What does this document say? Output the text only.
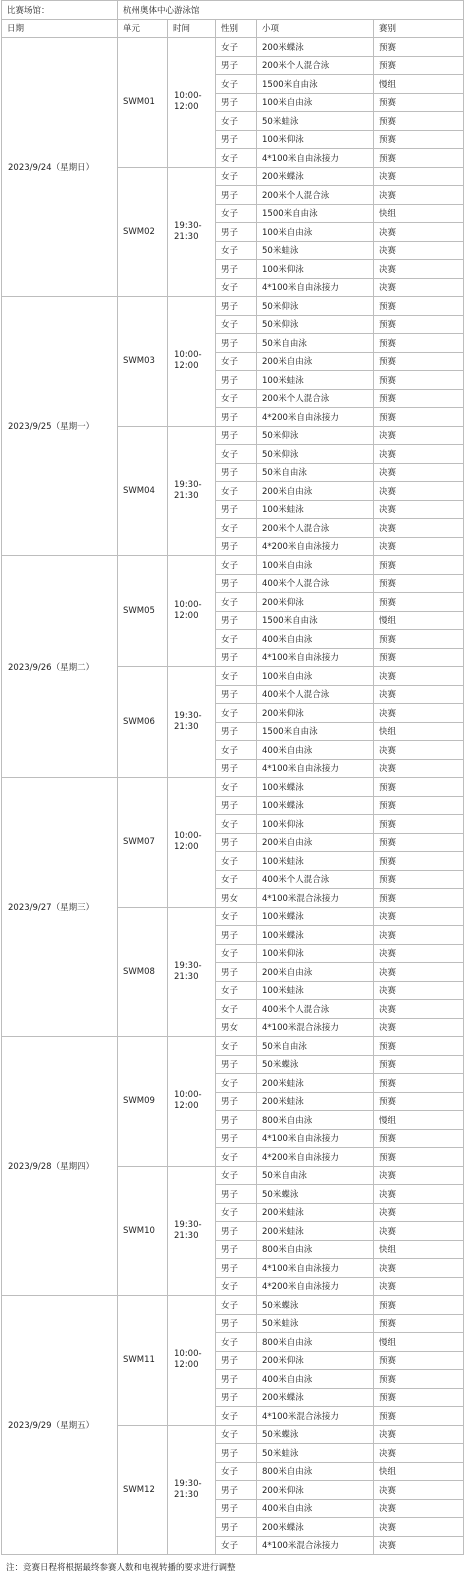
比赛场馆：	杭州奥体中心游泳馆				
日期	单元	时间	性别	小项	赛别
2023/9/24（星期日）	SWM01	10:00-12:00	女子	200米蝶泳	预赛
			男子	200米个人混合泳	预赛
			女子	1500米自由泳	慢组
			男子	100米自由泳	预赛
			女子	50米蛙泳	预赛
			男子	100米仰泳	预赛
			女子	4*100米自由泳接力	预赛
	SWM02	19:30-21:30	女子	200米蝶泳	决赛
			男子	200米个人混合泳	决赛
			女子	1500米自由泳	快组
			男子	100米自由泳	决赛
			女子	50米蛙泳	决赛
			男子	100米仰泳	决赛
			女子	4*100米自由泳接力	决赛
2023/9/25（星期一）	SWM03	10:00-12:00	男子	50米仰泳	预赛
			女子	50米仰泳	预赛
			男子	50米自由泳	预赛
			女子	200米自由泳	预赛
			男子	100米蛙泳	预赛
			女子	200米个人混合泳	预赛
			男子	4*200米自由泳接力	预赛
	SWM04	19:30-21:30	男子	50米仰泳	决赛
			女子	50米仰泳	决赛
			男子	50米自由泳	决赛
			女子	200米自由泳	决赛
			男子	100米蛙泳	决赛
			女子	200米个人混合泳	决赛
			男子	4*200米自由泳接力	决赛
2023/9/26（星期二）	SWM05	10:00-12:00	女子	100米自由泳	预赛
			男子	400米个人混合泳	预赛
			女子	200米仰泳	预赛
			男子	1500米自由泳	慢组
			女子	400米自由泳	预赛
			男子	4*100米自由泳接力	预赛
	SWM06	19:30-21:30	女子	100米自由泳	决赛
			男子	400米个人混合泳	决赛
			女子	200米仰泳	决赛
			男子	1500米自由泳	快组
			女子	400米自由泳	决赛
			男子	4*100米自由泳接力	决赛
2023/9/27（星期三）	SWM07	10:00-12:00	女子	100米蝶泳	预赛
			男子	100米蝶泳	预赛
			女子	100米仰泳	预赛
			男子	200米自由泳	预赛
			女子	100米蛙泳	预赛
			女子	400米个人混合泳	预赛
			男女	4*100米混合泳接力	预赛
	SWM08	19:30-21:30	女子	100米蝶泳	决赛
			男子	100米蝶泳	决赛
			女子	100米仰泳	决赛
			男子	200米自由泳	决赛
			女子	100米蛙泳	决赛
			女子	400米个人混合泳	决赛
			男女	4*100米混合泳接力	决赛
2023/9/28（星期四）	SWM09	10:00-12:00	女子	50米自由泳	预赛
			男子	50米蝶泳	预赛
			女子	200米蛙泳	预赛
			男子	200米蛙泳	预赛
			男子	800米自由泳	慢组
			男子	4*100米自由泳接力	预赛
			女子	4*200米自由泳接力	预赛
	SWM10	19:30-21:30	女子	50米自由泳	决赛
			男子	50米蝶泳	决赛
			女子	200米蛙泳	决赛
			男子	200米蛙泳	决赛
			男子	800米自由泳	快组
			男子	4*100米自由泳接力	决赛
			女子	4*200米自由泳接力	决赛
2023/9/29（星期五）	SWM11	10:00-12:00	女子	50米蝶泳	预赛
			男子	50米蛙泳	预赛
			女子	800米自由泳	慢组
			男子	200米仰泳	预赛
			男子	400米自由泳	预赛
			男子	200米蝶泳	预赛
			女子	4*100米混合泳接力	预赛
	SWM12	19:30-21:30	女子	50米蝶泳	决赛
			男子	50米蛙泳	决赛
			女子	800米自由泳	快组
			男子	200米仰泳	决赛
			男子	400米自由泳	决赛
			男子	200米蝶泳	决赛
			女子	4*100米混合泳接力	决赛
注：竞赛日程将根据最终参赛人数和电视转播的要求进行调整
